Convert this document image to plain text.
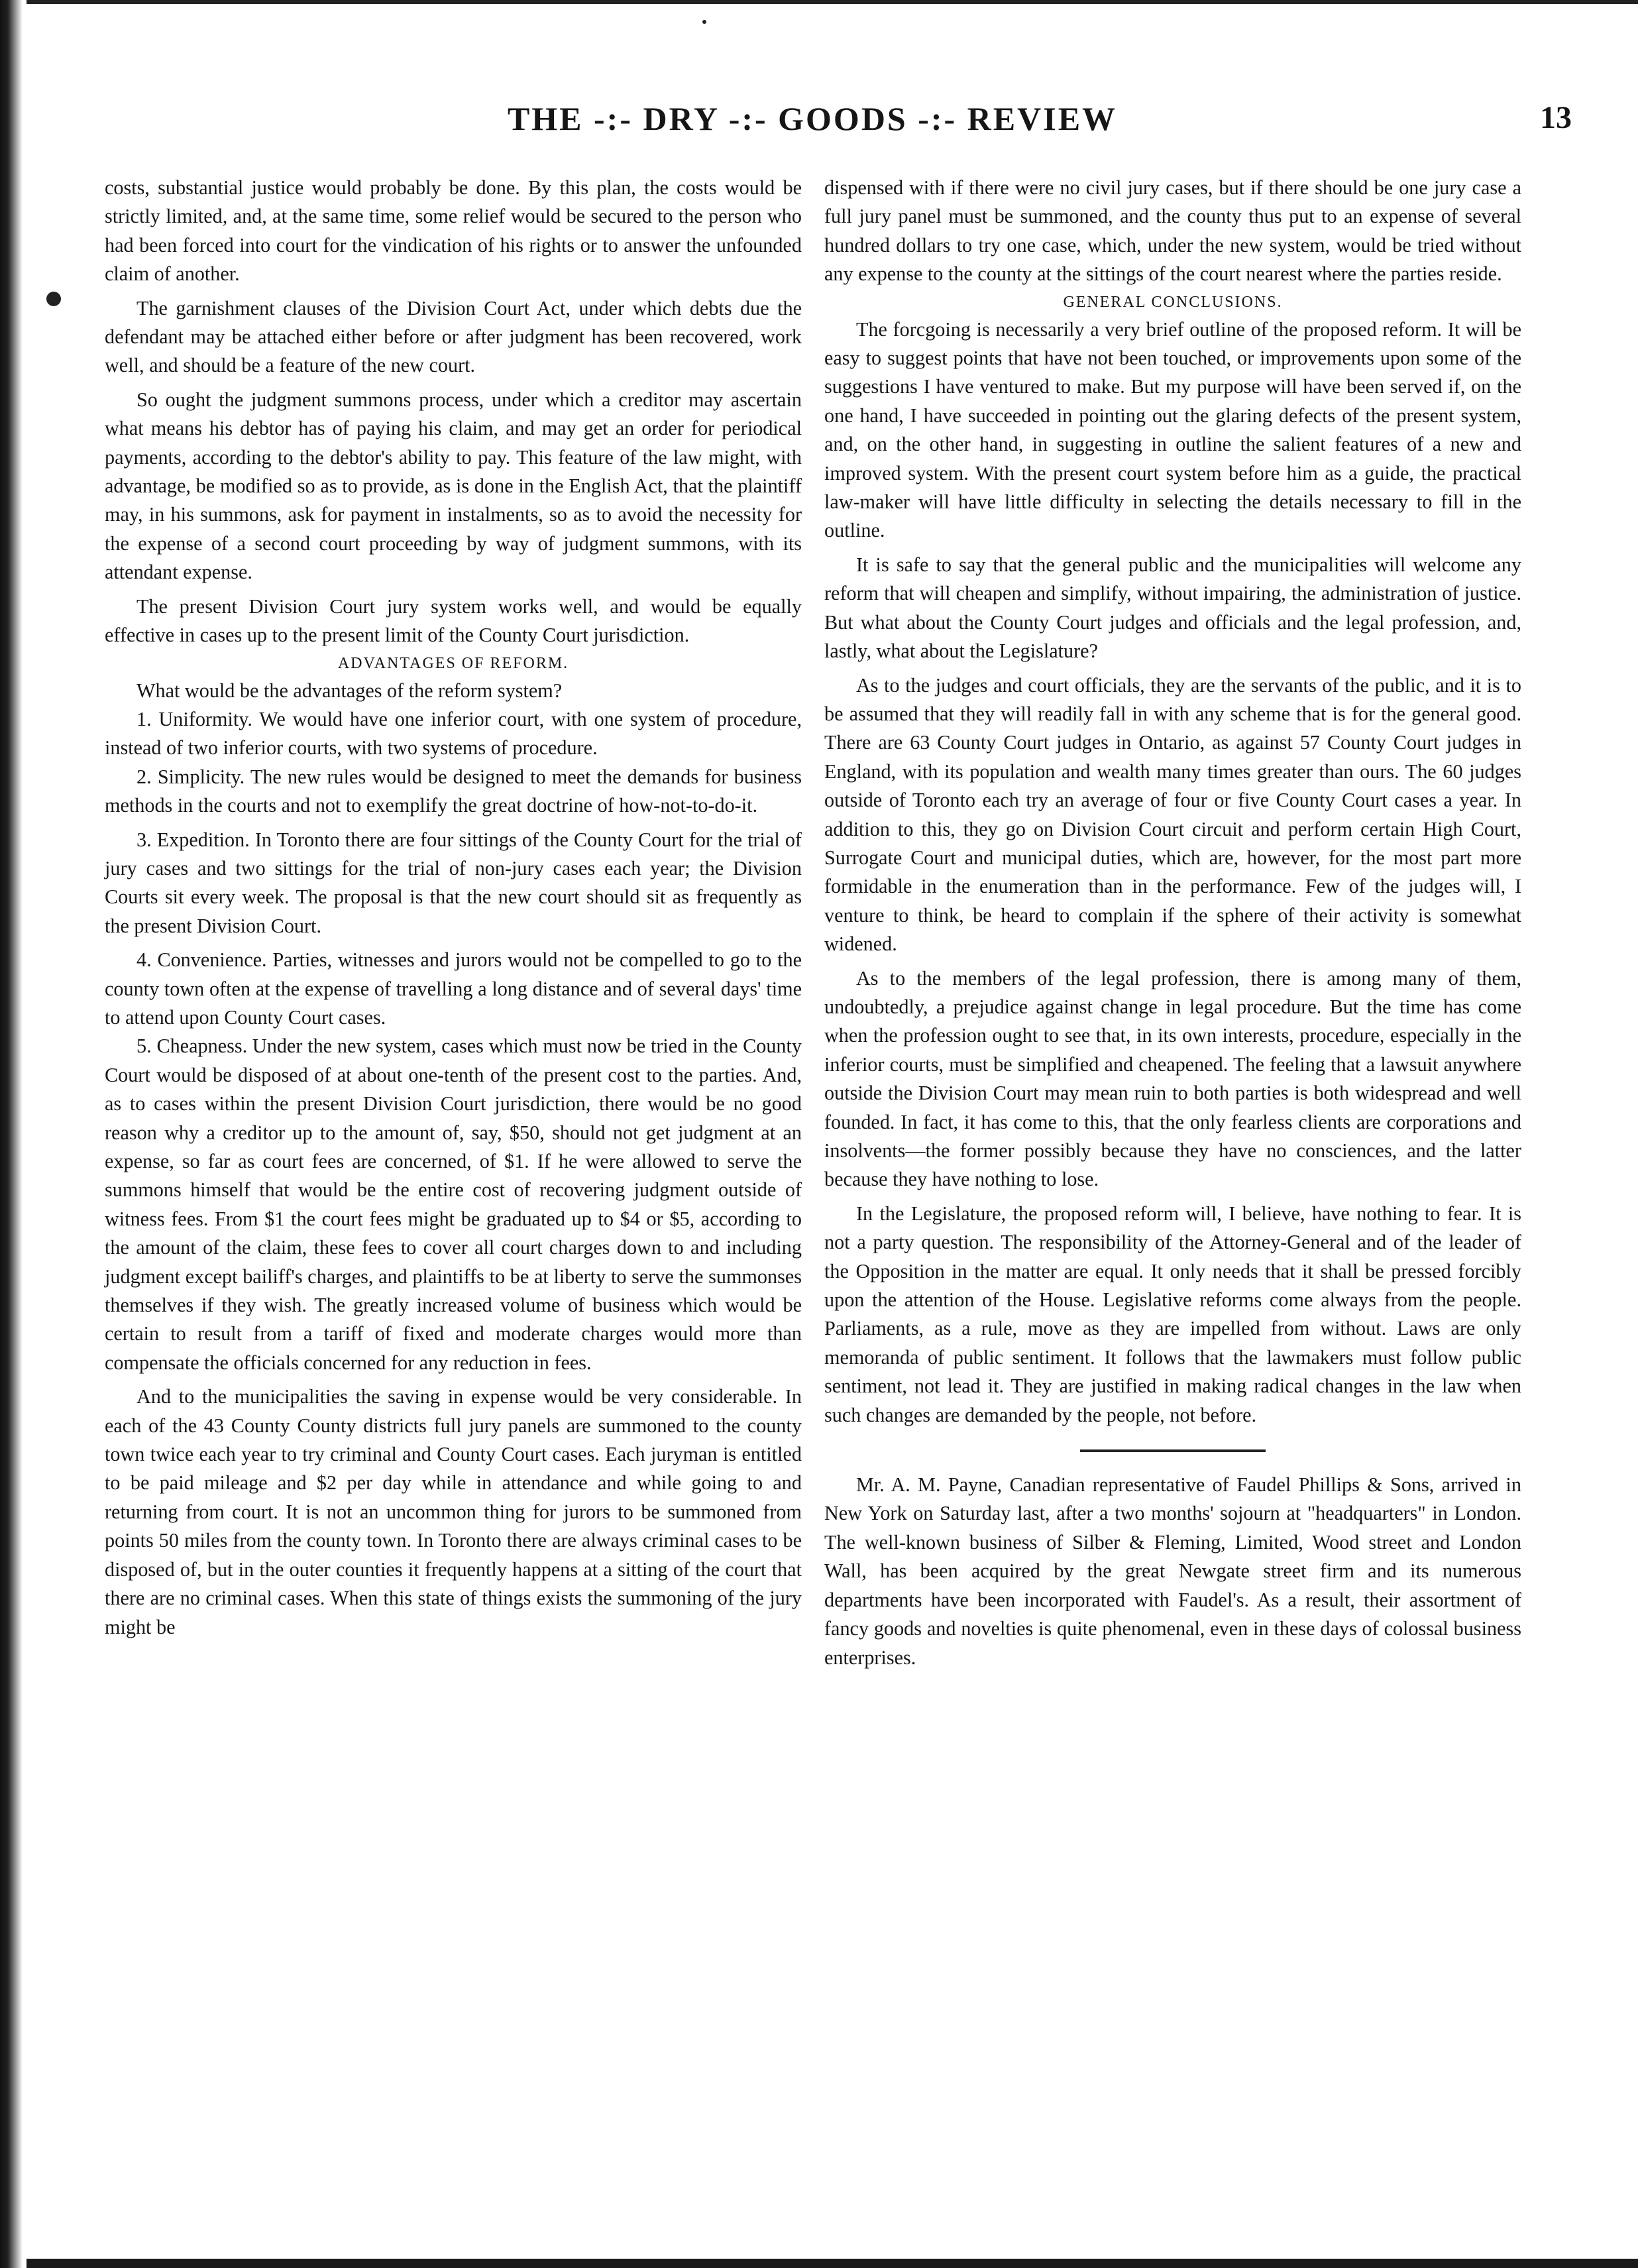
THE -:- DRY -:- GOODS -:- REVIEW	13

costs, substantial justice would probably be done. By this plan, the costs would be strictly limited, and, at the same time, some relief would be secured to the person who had been forced into court for the vindication of his rights or to answer the unfounded claim of another.

The garnishment clauses of the Division Court Act, under which debts due the defendant may be attached either before or after judgment has been recovered, work well, and should be a feature of the new court.

So ought the judgment summons process, under which a creditor may ascertain what means his debtor has of paying his claim, and may get an order for periodical payments, according to the debtor's ability to pay. This feature of the law might, with advantage, be modified so as to provide, as is done in the English Act, that the plaintiff may, in his summons, ask for payment in instalments, so as to avoid the necessity for the expense of a second court proceeding by way of judgment summons, with its attendant expense.

The present Division Court jury system works well, and would be equally effective in cases up to the present limit of the County Court jurisdiction.

ADVANTAGES OF REFORM.

What would be the advantages of the reform system?

1. Uniformity. We would have one inferior court, with one system of procedure, instead of two inferior courts, with two systems of procedure.

2. Simplicity. The new rules would be designed to meet the demands for business methods in the courts and not to exemplify the great doctrine of how-not-to-do-it.

3. Expedition. In Toronto there are four sittings of the County Court for the trial of jury cases and two sittings for the trial of non-jury cases each year; the Division Courts sit every week. The proposal is that the new court should sit as frequently as the present Division Court.

4. Convenience. Parties, witnesses and jurors would not be compelled to go to the county town often at the expense of travelling a long distance and of several days' time to attend upon County Court cases.

5. Cheapness. Under the new system, cases which must now be tried in the County Court would be disposed of at about one-tenth of the present cost to the parties. And, as to cases within the present Division Court jurisdiction, there would be no good reason why a creditor up to the amount of, say, $50, should not get judgment at an expense, so far as court fees are concerned, of $1. If he were allowed to serve the summons himself that would be the entire cost of recovering judgment outside of witness fees. From $1 the court fees might be graduated up to $4 or $5, according to the amount of the claim, these fees to cover all court charges down to and including judgment except bailiff's charges, and plaintiffs to be at liberty to serve the summonses themselves if they wish. The greatly increased volume of business which would be certain to result from a tariff of fixed and moderate charges would more than compensate the officials concerned for any reduction in fees.

And to the municipalities the saving in expense would be very considerable. In each of the 43 County County districts full jury panels are summoned to the county town twice each year to try criminal and County Court cases. Each juryman is entitled to be paid mileage and $2 per day while in attendance and while going to and returning from court. It is not an uncommon thing for jurors to be summoned from points 50 miles from the county town. In Toronto there are always criminal cases to be disposed of, but in the outer counties it frequently happens at a sitting of the court that there are no criminal cases. When this state of things exists the summoning of the jury might be

dispensed with if there were no civil jury cases, but if there should be one jury case a full jury panel must be summoned, and the county thus put to an expense of several hundred dollars to try one case, which, under the new system, would be tried without any expense to the county at the sittings of the court nearest where the parties reside.

GENERAL CONCLUSIONS.

The forcgoing is necessarily a very brief outline of the proposed reform. It will be easy to suggest points that have not been touched, or improvements upon some of the suggestions I have ventured to make. But my purpose will have been served if, on the one hand, I have succeeded in pointing out the glaring defects of the present system, and, on the other hand, in suggesting in outline the salient features of a new and improved system. With the present court system before him as a guide, the practical law-maker will have little difficulty in selecting the details necessary to fill in the outline.

It is safe to say that the general public and the municipalities will welcome any reform that will cheapen and simplify, without impairing, the administration of justice. But what about the County Court judges and officials and the legal profession, and, lastly, what about the Legislature?

As to the judges and court officials, they are the servants of the public, and it is to be assumed that they will readily fall in with any scheme that is for the general good. There are 63 County Court judges in Ontario, as against 57 County Court judges in England, with its population and wealth many times greater than ours. The 60 judges outside of Toronto each try an average of four or five County Court cases a year. In addition to this, they go on Division Court circuit and perform certain High Court, Surrogate Court and municipal duties, which are, however, for the most part more formidable in the enumeration than in the performance. Few of the judges will, I venture to think, be heard to complain if the sphere of their activity is somewhat widened.

As to the members of the legal profession, there is among many of them, undoubtedly, a prejudice against change in legal procedure. But the time has come when the profession ought to see that, in its own interests, procedure, especially in the inferior courts, must be simplified and cheapened. The feeling that a lawsuit anywhere outside the Division Court may mean ruin to both parties is both widespread and well founded. In fact, it has come to this, that the only fearless clients are corporations and insolvents—the former possibly because they have no consciences, and the latter because they have nothing to lose.

In the Legislature, the proposed reform will, I believe, have nothing to fear. It is not a party question. The responsibility of the Attorney-General and of the leader of the Opposition in the matter are equal. It only needs that it shall be pressed forcibly upon the attention of the House. Legislative reforms come always from the people. Parliaments, as a rule, move as they are impelled from without. Laws are only memoranda of public sentiment. It follows that the lawmakers must follow public sentiment, not lead it. They are justified in making radical changes in the law when such changes are demanded by the people, not before.

Mr. A. M. Payne, Canadian representative of Faudel Phillips & Sons, arrived in New York on Saturday last, after a two months' sojourn at "headquarters" in London. The well-known business of Silber & Fleming, Limited, Wood street and London Wall, has been acquired by the great Newgate street firm and its numerous departments have been incorporated with Faudel's. As a result, their assortment of fancy goods and novelties is quite phenomenal, even in these days of colossal business enterprises.
